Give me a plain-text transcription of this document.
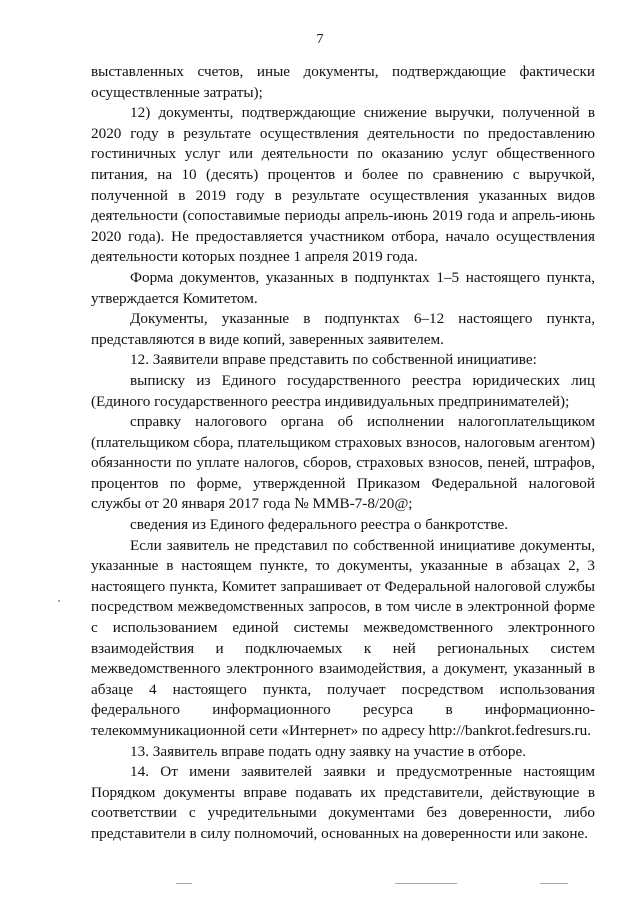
7

выставленных счетов, иные документы, подтверждающие фактически осуществленные затраты);

12) документы, подтверждающие снижение выручки, полученной в 2020 году в результате осуществления деятельности по предоставлению гостиничных услуг или деятельности по оказанию услуг общественного питания, на 10 (десять) процентов и более по сравнению с выручкой, полученной в 2019 году в результате осуществления указанных видов деятельности (сопоставимые периоды апрель-июнь 2019 года и апрель-июнь 2020 года). Не предоставляется участником отбора, начало осуществления деятельности которых позднее 1 апреля 2019 года.

Форма документов, указанных в подпунктах 1–5 настоящего пункта, утверждается Комитетом.

Документы, указанные в подпунктах 6–12 настоящего пункта, представляются в виде копий, заверенных заявителем.

12. Заявители вправе представить по собственной инициативе:

выписку из Единого государственного реестра юридических лиц (Единого государственного реестра индивидуальных предпринимателей);

справку налогового органа об исполнении налогоплательщиком (плательщиком сбора, плательщиком страховых взносов, налоговым агентом) обязанности по уплате налогов, сборов, страховых взносов, пеней, штрафов, процентов по форме, утвержденной Приказом Федеральной налоговой службы от 20 января 2017 года № ММВ-7-8/20@;

сведения из Единого федерального реестра о банкротстве.

Если заявитель не представил по собственной инициативе документы, указанные в настоящем пункте, то документы, указанные в абзацах 2, 3 настоящего пункта, Комитет запрашивает от Федеральной налоговой службы посредством межведомственных запросов, в том числе в электронной форме с использованием единой системы межведомственного электронного взаимодействия и подключаемых к ней региональных систем межведомственного электронного взаимодействия, а документ, указанный в абзаце 4 настоящего пункта, получает посредством использования федерального информационного ресурса в информационно-телекоммуникационной сети «Интернет» по адресу http://bankrot.fedresurs.ru.

13. Заявитель вправе подать одну заявку на участие в отборе.

14. От имени заявителей заявки и предусмотренные настоящим Порядком документы вправе подавать их представители, действующие в соответствии с учредительными документами без доверенности, либо представители в силу полномочий, основанных на доверенности или законе.
